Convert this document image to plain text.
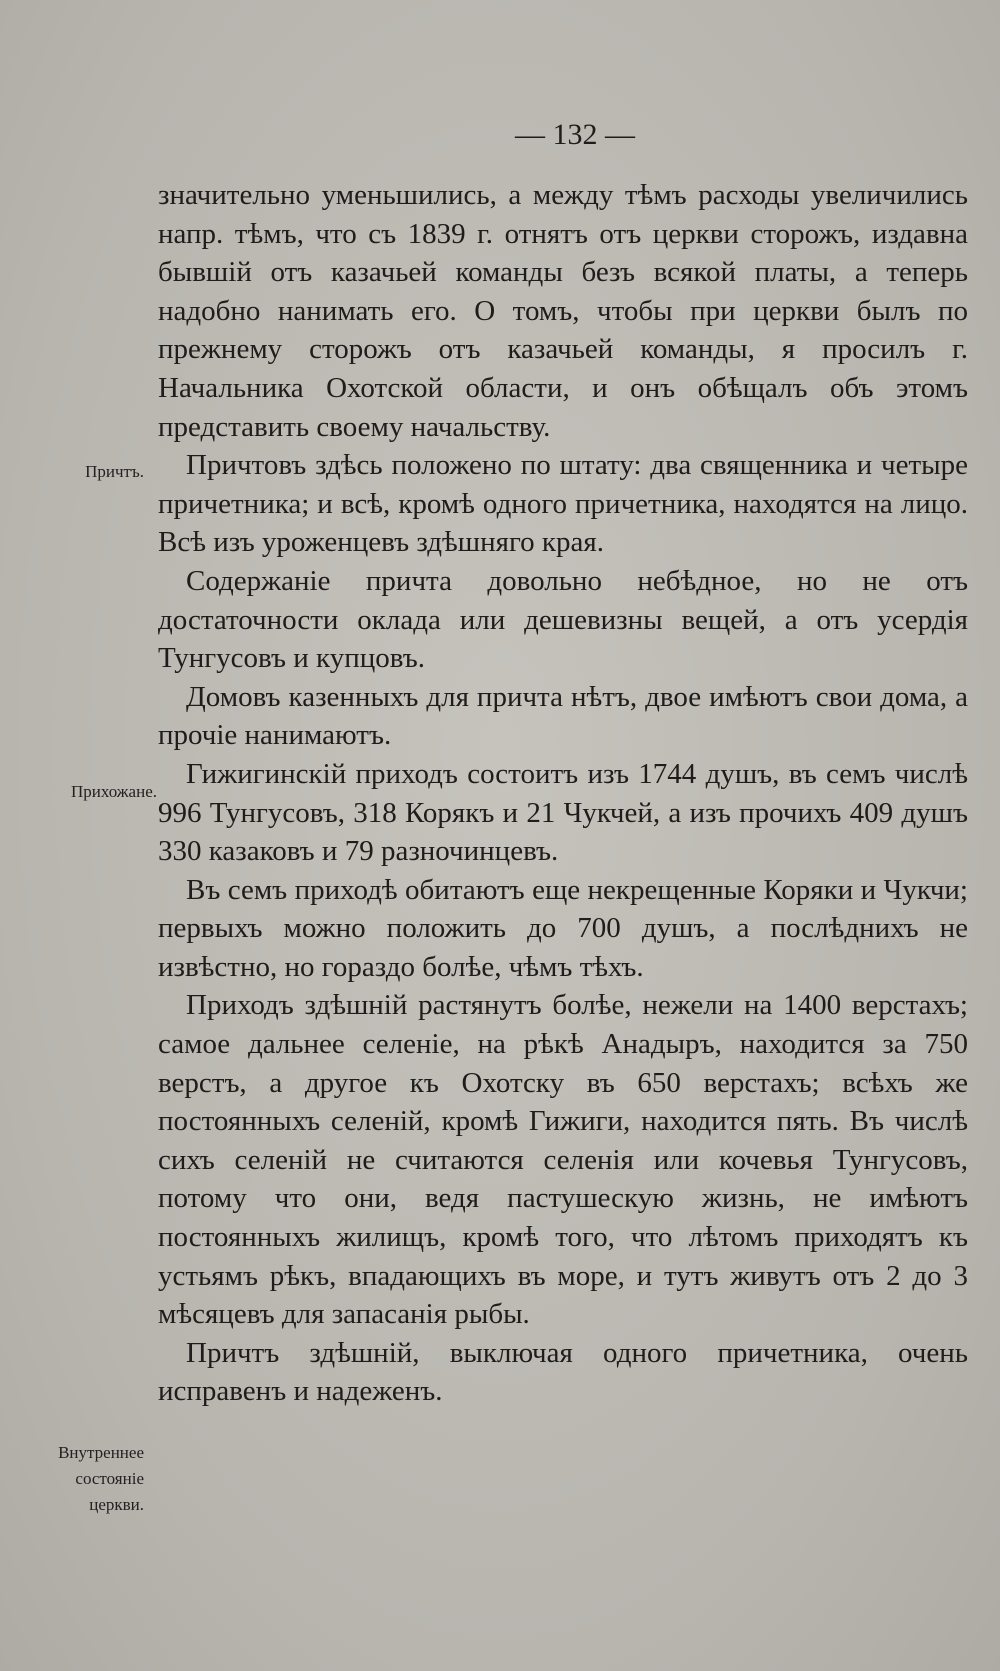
— 132 —
Причтъ.
Прихожане.
Внутреннее состояніе церкви.

значительно уменьшились, а между тѣмъ расходы увеличились напр. тѣмъ, что съ 1839 г. отнятъ отъ церкви сторожъ, издавна бывшій отъ казачьей команды безъ всякой платы, а теперь надобно нанимать его. О томъ, чтобы при церкви былъ по прежнему сторожъ отъ казачьей команды, я просилъ г. Начальника Охотской области, и онъ обѣщалъ объ этомъ представить своему начальству.

Причтовъ здѣсь положено по штату: два священника и четыре причетника; и всѣ, кромѣ одного причетника, находятся на лицо. Всѣ изъ уроженцевъ здѣшняго края.

Содержаніе причта довольно небѣдное, но не отъ достаточности оклада или дешевизны вещей, а отъ усердія Тунгусовъ и купцовъ.

Домовъ казенныхъ для причта нѣтъ, двое имѣютъ свои дома, а прочіе нанимаютъ.

Гижигинскій приходъ состоитъ изъ 1744 душъ, въ семъ числѣ 996 Тунгусовъ, 318 Корякъ и 21 Чукчей, а изъ прочихъ 409 душъ 330 казаковъ и 79 разночинцевъ.

Въ семъ приходѣ обитаютъ еще некрещенные Коряки и Чукчи; первыхъ можно положить до 700 душъ, а послѣднихъ не извѣстно, но гораздо болѣе, чѣмъ тѣхъ.

Приходъ здѣшній растянутъ болѣе, нежели на 1400 верстахъ; самое дальнее селеніе, на рѣкѣ Анадыръ, находится за 750 верстъ, а другое къ Охотску въ 650 верстахъ; всѣхъ же постоянныхъ селеній, кромѣ Гижиги, находится пять. Въ числѣ сихъ селеній не считаются селенія или кочевья Тунгусовъ, потому что они, ведя пастушескую жизнь, не имѣютъ постоянныхъ жилищъ, кромѣ того, что лѣтомъ приходятъ къ устьямъ рѣкъ, впадающихъ въ море, и тутъ живутъ отъ 2 до 3 мѣсяцевъ для запасанія рыбы.

Причтъ здѣшній, выключая одного причетника, очень исправенъ и надеженъ.
